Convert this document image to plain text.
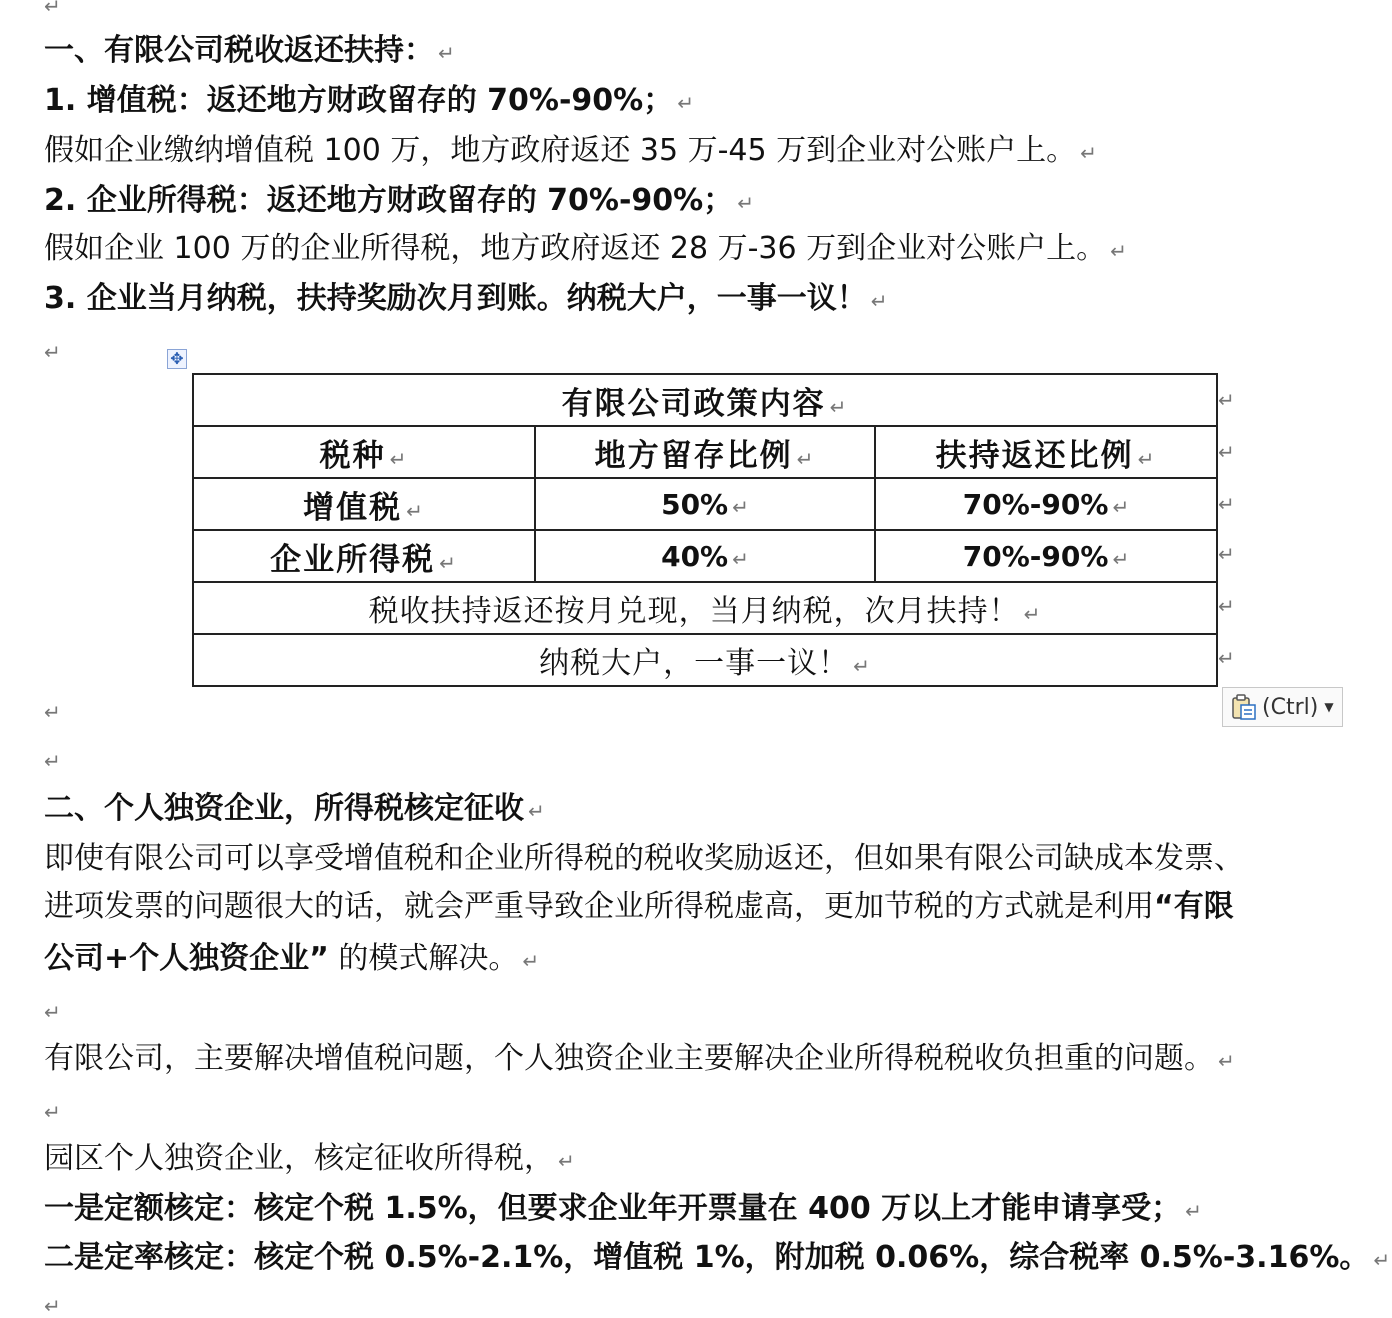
↵
一、有限公司税收返还扶持： ↵
1. 增值税：返还地方财政留存的 70%-90%； ↵
假如企业缴纳增值税 100 万，地方政府返还 35 万-45 万到企业对公账户上。 ↵
2. 企业所得税：返还地方财政留存的 70%-90%； ↵
假如企业 100 万的企业所得税，地方政府返还 28 万-36 万到企业对公账户上。 ↵
3. 企业当月纳税，扶持奖励次月到账。纳税大户，一事一议！ ↵
↵	✥
有限公司政策内容 ↵		
税种 ↵	地方留存比例 ↵	扶持返还比例 ↵
增值税 ↵	50% ↵	70%-90% ↵
企业所得税 ↵	40% ↵	70%-90% ↵
税收扶持返还按月兑现，当月纳税，次月扶持！ ↵		
纳税大户，一事一议！ ↵		
↵
↵
↵
↵
↵
↵
(Ctrl) ▼
↵
↵
二、个人独资企业，所得税核定征收 ↵
即使有限公司可以享受增值税和企业所得税的税收奖励返还，但如果有限公司缺成本发票、
进项发票的问题很大的话，就会严重导致企业所得税虚高，更加节税的方式就是利用“有限
公司+个人独资企业” 的模式解决。 ↵
↵
有限公司，主要解决增值税问题，个人独资企业主要解决企业所得税税收负担重的问题。 ↵
↵
园区个人独资企业，核定征收所得税， ↵
一是定额核定：核定个税 1.5%，但要求企业年开票量在 400 万以上才能申请享受； ↵
二是定率核定：核定个税 0.5%-2.1%，增值税 1%，附加税 0.06%，综合税率 0.5%-3.16%。 ↵
↵
